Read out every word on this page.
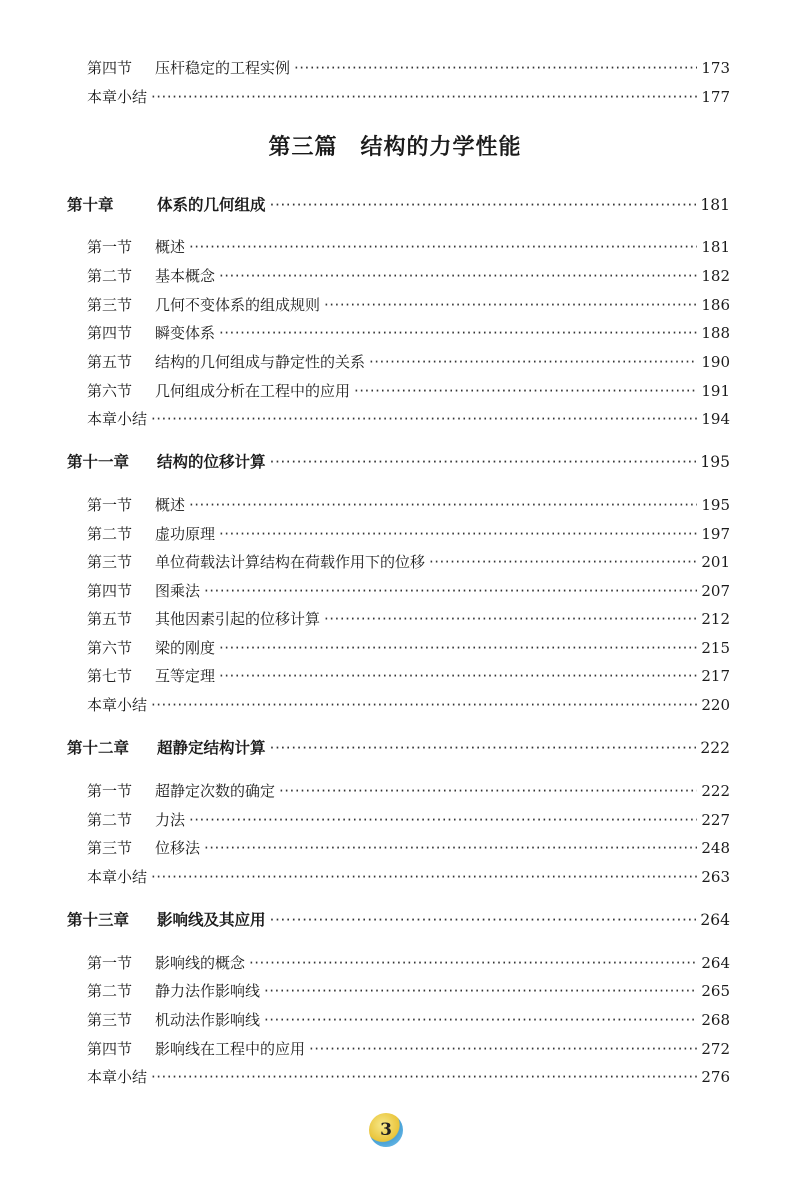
第四节	压杆稳定的工程实例 ·····	173
本章小结 ·····	177
第三篇　结构的力学性能
第十章	体系的几何组成 ·····	181
第一节	概述 ·····	181
第二节	基本概念 ·····	182
第三节	几何不变体系的组成规则 ·····	186
第四节	瞬变体系 ·····	188
第五节	结构的几何组成与静定性的关系 ·····	190
第六节	几何组成分析在工程中的应用 ·····	191
本章小结 ·····	194
第十一章	结构的位移计算 ·····	195
第一节	概述 ·····	195
第二节	虚功原理 ·····	197
第三节	单位荷载法计算结构在荷载作用下的位移 ·····	201
第四节	图乘法 ·····	207
第五节	其他因素引起的位移计算 ·····	212
第六节	梁的刚度 ·····	215
第七节	互等定理 ·····	217
本章小结 ·····	220
第十二章	超静定结构计算 ·····	222
第一节	超静定次数的确定 ·····	222
第二节	力法 ·····	227
第三节	位移法 ·····	248
本章小结 ·····	263
第十三章	影响线及其应用 ·····	264
第一节	影响线的概念 ·····	264
第二节	静力法作影响线 ·····	265
第三节	机动法作影响线 ·····	268
第四节	影响线在工程中的应用 ·····	272
本章小结 ·····	276
3
